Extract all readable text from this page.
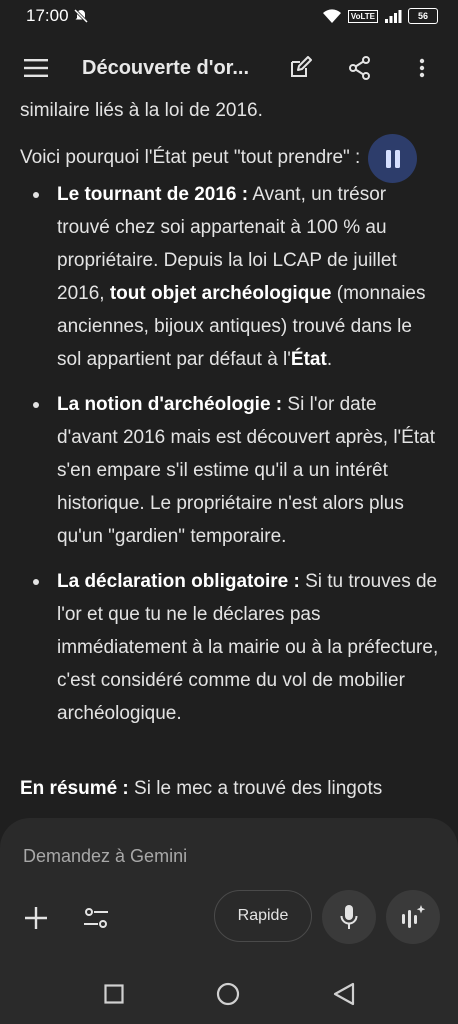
17:00	VoLTE	56
Découverte d'or...
similaire liés à la loi de 2016.
Voici pourquoi l'État peut "tout prendre" :
Le tournant de 2016 : Avant, un trésor trouvé chez soi appartenait à 100 % au propriétaire. Depuis la loi LCAP de juillet 2016, tout objet archéologique (monnaies anciennes, bijoux antiques) trouvé dans le sol appartient par défaut à l'État.
La notion d'archéologie : Si l'or date d'avant 2016 mais est découvert après, l'État s'en empare s'il estime qu'il a un intérêt historique. Le propriétaire n'est alors plus qu'un "gardien" temporaire.
La déclaration obligatoire : Si tu trouves de l'or et que tu ne le déclares pas immédiatement à la mairie ou à la préfecture, c'est considéré comme du vol de mobilier archéologique.
En résumé : Si le mec a trouvé des lingots
Demandez à Gemini
Rapide
